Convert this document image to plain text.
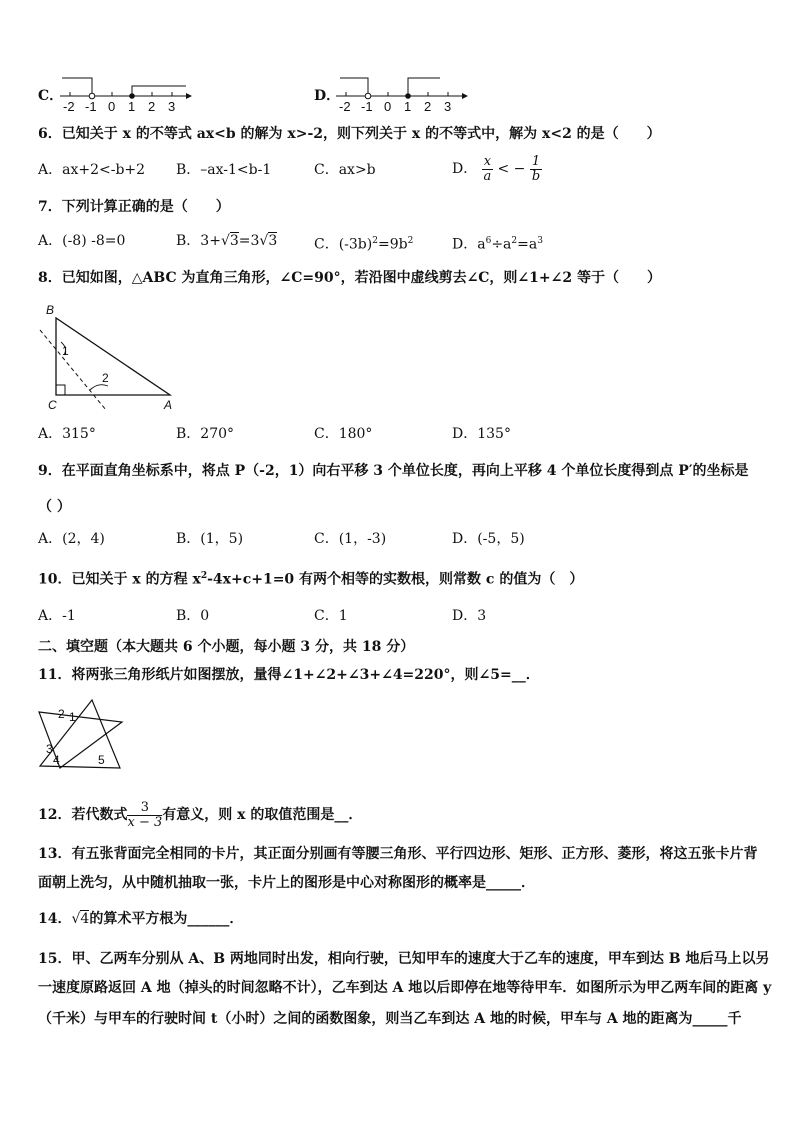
C．
-2 -1 0 1 2 3
D．
-2 -1 0 1 2 3
6．已知关于 x 的不等式 ax<b 的解为 x>-2，则下列关于 x 的不等式中，解为 x<2 的是（　　）
A．ax+2<-b+2 B．–ax-1<b-1	C．ax>b	D． $\frac{x}{a}$ < − $\frac{1}{b}$
7．下列计算正确的是（　　）
A．(-8) -8=0	B．3+√3=3√3	C．$(-3b)^2=9b^2$	D．$a^6\div a^2=a^3$
8．已知如图，△ABC 为直角三角形，∠C=90°，若沿图中虚线剪去∠C，则∠1+∠2 等于（　　）
B
C	A
1
2
A．315°	B．270°	C．180°	D．135°
9．在平面直角坐标系中，将点 P（-2，1）向右平移 3 个单位长度，再向上平移 4 个单位长度得到点 P′的坐标是
（ ）
A．(2，4)	B．(1，5)	C．(1，-3)	D．(-5，5)
10．已知关于 x 的方程 $x^2-4x+c+1=0$ 有两个相等的实数根，则常数 c 的值为（　）
A．-1	B．0	C．1	D．3
二、填空题（本大题共 6 个小题，每小题 3 分，共 18 分）
11．将两张三角形纸片如图摆放，量得∠1+∠2+∠3+∠4=220°，则∠5=__．
2 1
3
4	5
12．若代数式 $\frac{3}{x - 3}$ 有意义，则 x 的取值范围是__．
13．有五张背面完全相同的卡片，其正面分别画有等腰三角形、平行四边形、矩形、正方形、菱形，将这五张卡片背
面朝上洗匀，从中随机抽取一张，卡片上的图形是中心对称图形的概率是_____．
14．√4的算术平方根为______．
15．甲、乙两车分别从 A、B 两地同时出发，相向行驶，已知甲车的速度大于乙车的速度，甲车到达 B 地后马上以另
一速度原路返回 A 地（掉头的时间忽略不计），乙车到达 A 地以后即停在地等待甲车．如图所示为甲乙两车间的距离 y
（千米）与甲车的行驶时间 t（小时）之间的函数图象，则当乙车到达 A 地的时候，甲车与 A 地的距离为_____千
